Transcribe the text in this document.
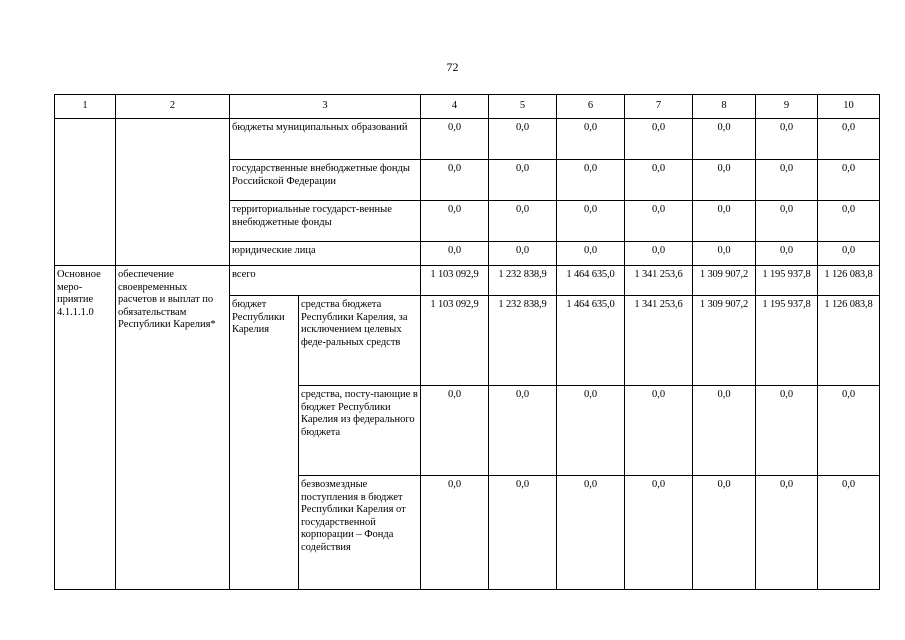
72
1	2	3		4	5	6	7	8	9	10
		бюджеты муниципальных образований		0,0	0,0	0,0	0,0	0,0	0,0	0,0
		государственные внебюджетные фонды Российской Федерации		0,0	0,0	0,0	0,0	0,0	0,0	0,0
		территориальные государст-венные внебюджетные фонды		0,0	0,0	0,0	0,0	0,0	0,0	0,0
		юридические лица		0,0	0,0	0,0	0,0	0,0	0,0	0,0
Основное меро-приятие 4.1.1.1.0	обеспечение своевременных расчетов и выплат по обязательствам Республики Карелия*	всего		1 103 092,9	1 232 838,9	1 464 635,0	1 341 253,6	1 309 907,2	1 195 937,8	1 126 083,8
		бюджет Республики Карелия	средства бюджета Республики Карелия, за исключением целевых феде-ральных средств	1 103 092,9	1 232 838,9	1 464 635,0	1 341 253,6	1 309 907,2	1 195 937,8	1 126 083,8
			средства, посту-пающие в бюджет Республики Карелия из федерального бюджета	0,0	0,0	0,0	0,0	0,0	0,0	0,0
			безвозмездные поступления в бюджет Республики Карелия от государственной корпорации – Фонда содействия	0,0	0,0	0,0	0,0	0,0	0,0	0,0
